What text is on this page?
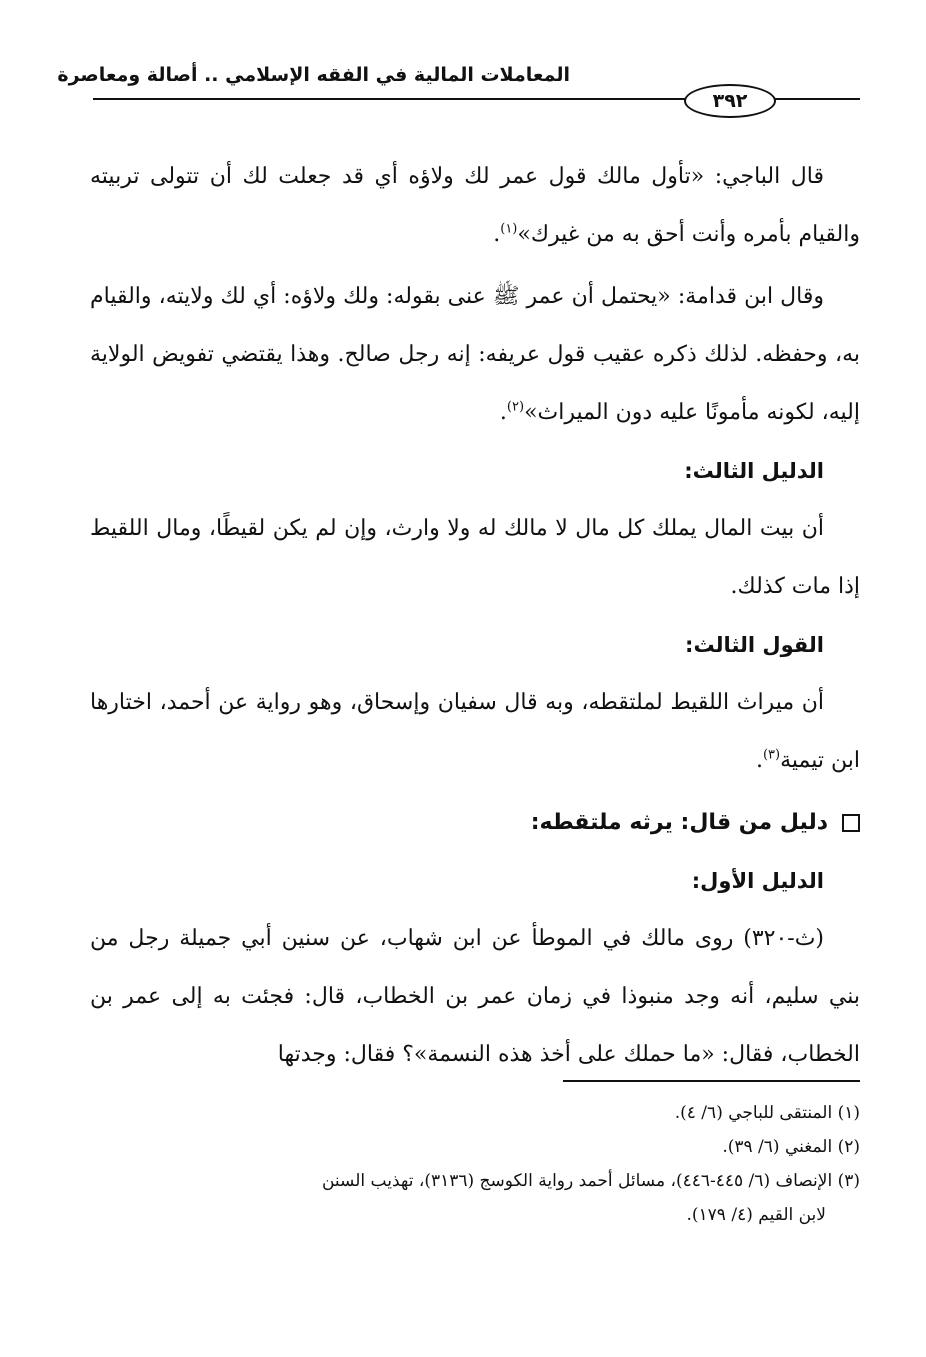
المعاملات المالية في الفقه الإسلامي .. أصالة ومعاصرة
٣٩٢

قال الباجي: «تأول مالك قول عمر لك ولاؤه أي قد جعلت لك أن تتولى تربيته والقيام بأمره وأنت أحق به من غيرك»$^{(١)}$.

وقال ابن قدامة: «يحتمل أن عمر ﷺ عنى بقوله: ولك ولاؤه: أي لك ولايته، والقيام به، وحفظه. لذلك ذكره عقيب قول عريفه: إنه رجل صالح. وهذا يقتضي تفويض الولاية إليه، لكونه مأمونًا عليه دون الميراث»$^{(٢)}$.

الدليل الثالث:

أن بيت المال يملك كل مال لا مالك له ولا وارث، وإن لم يكن لقيطًا، ومال اللقيط إذا مات كذلك.

القول الثالث:

أن ميراث اللقيط لملتقطه، وبه قال سفيان وإسحاق، وهو رواية عن أحمد، اختارها ابن تيمية$^{(٣)}$.

دليل من قال: يرثه ملتقطه:

الدليل الأول:

(ث-٣٢٠) روى مالك في الموطأ عن ابن شهاب، عن سنين أبي جميلة رجل من بني سليم، أنه وجد منبوذا في زمان عمر بن الخطاب، قال: فجئت به إلى عمر بن الخطاب، فقال: «ما حملك على أخذ هذه النسمة»؟ فقال: وجدتها

(١) المنتقى للباجي (٦/ ٤).

(٢) المغني (٦/ ٣٩).

(٣) الإنصاف (٦/ ٤٤٥-٤٤٦)، مسائل أحمد رواية الكوسج (٣١٣٦)، تهذيب السنن

لابن القيم (٤/ ١٧٩).
